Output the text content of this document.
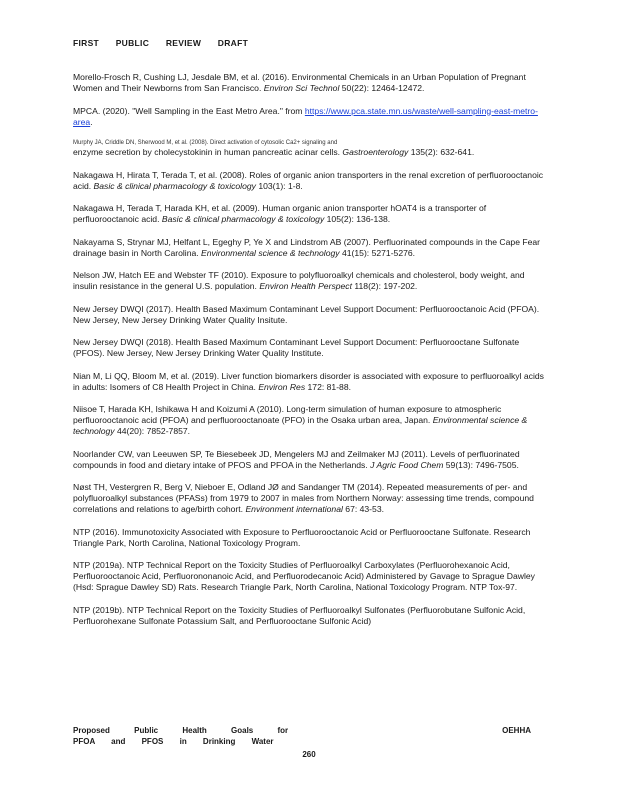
FIRST PUBLIC REVIEW DRAFT

Morello-Frosch R, Cushing LJ, Jesdale BM, et al. (2016). Environmental Chemicals in an Urban Population of Pregnant Women and Their Newborns from San Francisco. Environ Sci Technol 50(22): 12464-12472.

MPCA. (2020). "Well Sampling in the East Metro Area." from https://www.pca.state.mn.us/waste/well-sampling-east-metro-area.

Murphy JA, Criddle DN, Sherwood M, et al. (2008). Direct activation of cytosolic Ca2+ signaling and
enzyme secretion by cholecystokinin in human pancreatic acinar cells. Gastroenterology 135(2): 632-641.

Nakagawa H, Hirata T, Terada T, et al. (2008). Roles of organic anion transporters in the renal excretion of perfluorooctanoic acid. Basic & clinical pharmacology & toxicology 103(1): 1-8.

Nakagawa H, Terada T, Harada KH, et al. (2009). Human organic anion transporter hOAT4 is a transporter of perfluorooctanoic acid. Basic & clinical pharmacology & toxicology 105(2): 136-138.

Nakayama S, Strynar MJ, Helfant L, Egeghy P, Ye X and Lindstrom AB (2007). Perfluorinated compounds in the Cape Fear drainage basin in North Carolina. Environmental science & technology 41(15): 5271-5276.

Nelson JW, Hatch EE and Webster TF (2010). Exposure to polyfluoroalkyl chemicals and cholesterol, body weight, and insulin resistance in the general U.S. population. Environ Health Perspect 118(2): 197-202.

New Jersey DWQI (2017). Health Based Maximum Contaminant Level Support Document: Perfluorooctanoic Acid (PFOA). New Jersey, New Jersey Drinking Water Quality Insitute.

New Jersey DWQI (2018). Health Based Maximum Contaminant Level Support Document: Perfluorooctane Sulfonate (PFOS). New Jersey, New Jersey Drinking Water Quality Institute.

Nian M, Li QQ, Bloom M, et al. (2019). Liver function biomarkers disorder is associated with exposure to perfluoroalkyl acids in adults: Isomers of C8 Health Project in China. Environ Res 172: 81-88.

Niisoe T, Harada KH, Ishikawa H and Koizumi A (2010). Long-term simulation of human exposure to atmospheric perfluorooctanoic acid (PFOA) and perfluorooctanoate (PFO) in the Osaka urban area, Japan. Environmental science & technology 44(20): 7852-7857.

Noorlander CW, van Leeuwen SP, Te Biesebeek JD, Mengelers MJ and Zeilmaker MJ (2011). Levels of perfluorinated compounds in food and dietary intake of PFOS and PFOA in the Netherlands. J Agric Food Chem 59(13): 7496-7505.

Nøst TH, Vestergren R, Berg V, Nieboer E, Odland JØ and Sandanger TM (2014). Repeated measurements of per- and polyfluoroalkyl substances (PFASs) from 1979 to 2007 in males from Northern Norway: assessing time trends, compound correlations and relations to age/birth cohort. Environment international 67: 43-53.

NTP (2016). Immunotoxicity Associated with Exposure to Perfluorooctanoic Acid or Perfluorooctane Sulfonate. Research Triangle Park, North Carolina, National Toxicology Program.

NTP (2019a). NTP Technical Report on the Toxicity Studies of Perfluoroalkyl Carboxylates (Perfluorohexanoic Acid, Perfluorooctanoic Acid, Perfluorononanoic Acid, and Perfluorodecanoic Acid) Administered by Gavage to Sprague Dawley (Hsd: Sprague Dawley SD) Rats. Research Triangle Park, North Carolina, National Toxicology Program. NTP Tox-97.

NTP (2019b). NTP Technical Report on the Toxicity Studies of Perfluoroalkyl Sulfonates (Perfluorobutane Sulfonic Acid, Perfluorohexane Sulfonate Potassium Salt, and Perfluorooctane Sulfonic Acid)

Proposed Public Health Goals for
PFOA and PFOS in Drinking Water
OEHHA
260
